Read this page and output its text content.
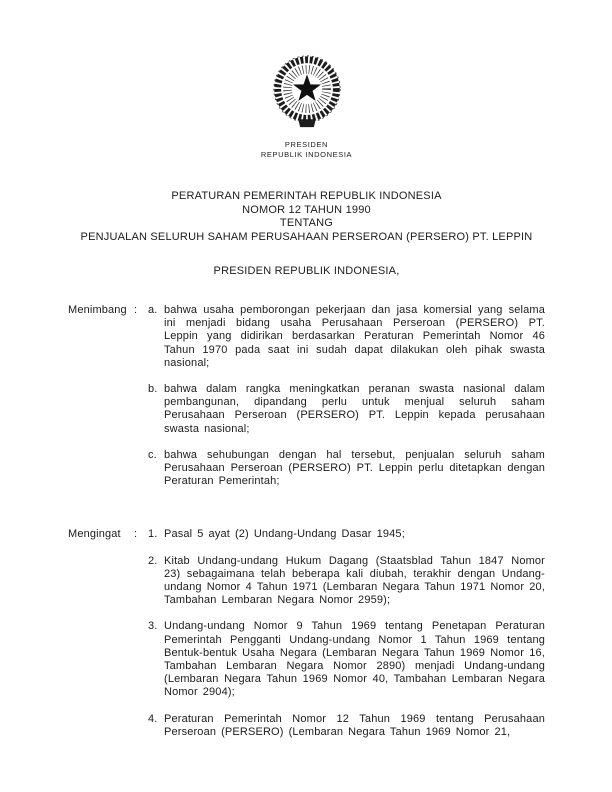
PRESIDEN
REPUBLIK INDONESIA
PERATURAN PEMERINTAH REPUBLIK INDONESIA
NOMOR 12 TAHUN 1990
TENTANG
PENJUALAN SELURUH SAHAM PERUSAHAAN PERSEROAN (PERSERO) PT. LEPPIN
PRESIDEN REPUBLIK INDONESIA,
Menimbang : a. bahwa usaha pemborongan pekerjaan dan jasa komersial yang selama ini menjadi bidang usaha Perusahaan Perseroan (PERSERO) PT. Leppin yang didirikan berdasarkan Peraturan Pemerintah Nomor 46 Tahun 1970 pada saat ini sudah dapat dilakukan oleh pihak swasta nasional;
b. bahwa dalam rangka meningkatkan peranan swasta nasional dalam pembangunan, dipandang perlu untuk menjual seluruh saham Perusahaan Perseroan (PERSERO) PT. Leppin kepada perusahaan swasta nasional;
c. bahwa sehubungan dengan hal tersebut, penjualan seluruh saham Perusahaan Perseroan (PERSERO) PT. Leppin perlu ditetapkan dengan Peraturan Pemerintah;
Mengingat	: 1. Pasal 5 ayat (2) Undang-Undang Dasar 1945;
2. Kitab Undang-undang Hukum Dagang (Staatsblad Tahun 1847 Nomor 23) sebagaimana telah beberapa kali diubah, terakhir dengan Undang-undang Nomor 4 Tahun 1971 (Lembaran Negara Tahun 1971 Nomor 20, Tambahan Lembaran Negara Nomor 2959);
3. Undang-undang Nomor 9 Tahun 1969 tentang Penetapan Peraturan Pemerintah Pengganti Undang-undang Nomor 1 Tahun 1969 tentang Bentuk-bentuk Usaha Negara (Lembaran Negara Tahun 1969 Nomor 16, Tambahan Lembaran Negara Nomor 2890) menjadi Undang-undang (Lembaran Negara Tahun 1969 Nomor 40, Tambahan Lembaran Negara Nomor 2904);
4. Peraturan Pemerintah Nomor 12 Tahun 1969 tentang Perusahaan Perseroan (PERSERO) (Lembaran Negara Tahun 1969 Nomor 21,
